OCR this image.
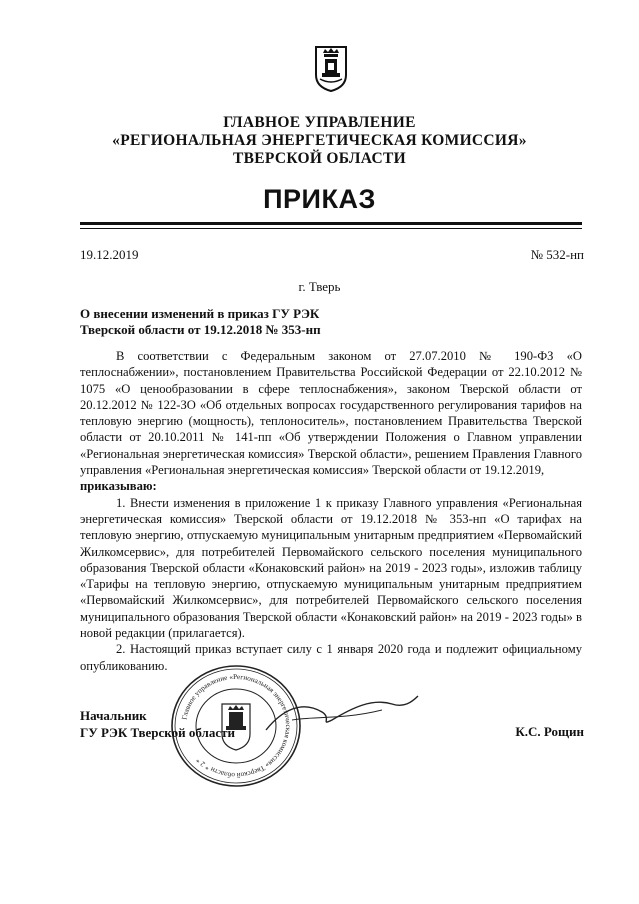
ГЛАВНОЕ УПРАВЛЕНИЕ
«РЕГИОНАЛЬНАЯ ЭНЕРГЕТИЧЕСКАЯ КОМИССИЯ»
ТВЕРСКОЙ ОБЛАСТИ
ПРИКАЗ
19.12.2019	№ 532-нп
г. Тверь
О внесении изменений в приказ ГУ РЭК
Тверской области от 19.12.2018 № 353-нп

В соответствии с Федеральным законом от 27.07.2010 № 190-ФЗ «О теплоснабжении», постановлением Правительства Российской Федерации от 22.10.2012 № 1075 «О ценообразовании в сфере теплоснабжения», законом Тверской области от 20.12.2012 № 122-ЗО «Об отдельных вопросах государственного регулирования тарифов на тепловую энергию (мощность), теплоноситель», постановлением Правительства Тверской области от 20.10.2011 № 141-пп «Об утверждении Положения о Главном управлении «Региональная энергетическая комиссия» Тверской области», решением Правления Главного управления «Региональная энергетическая комиссия» Тверской области от 19.12.2019,

приказываю:

1. Внести изменения в приложение 1 к приказу Главного управления «Региональная энергетическая комиссия» Тверской области от 19.12.2018 № 353-нп «О тарифах на тепловую энергию, отпускаемую муниципальным унитарным предприятием «Первомайский Жилкомсервис», для потребителей Первомайского сельского поселения муниципального образования Тверской области «Конаковский район» на 2019 - 2023 годы», изложив таблицу «Тарифы на тепловую энергию, отпускаемую муниципальным унитарным предприятием «Первомайский Жилкомсервис», для потребителей Первомайского сельского поселения муниципального образования Тверской области «Конаковский район» на 2019 - 2023 годы» в новой редакции (прилагается).

2. Настоящий приказ вступает силу с 1 января 2020 года и подлежит официальному опубликованию.

Главное управление «Региональная энергетическая комиссия» Тверской области * 2 *
Начальник
ГУ РЭК Тверской области	К.С. Рощин
